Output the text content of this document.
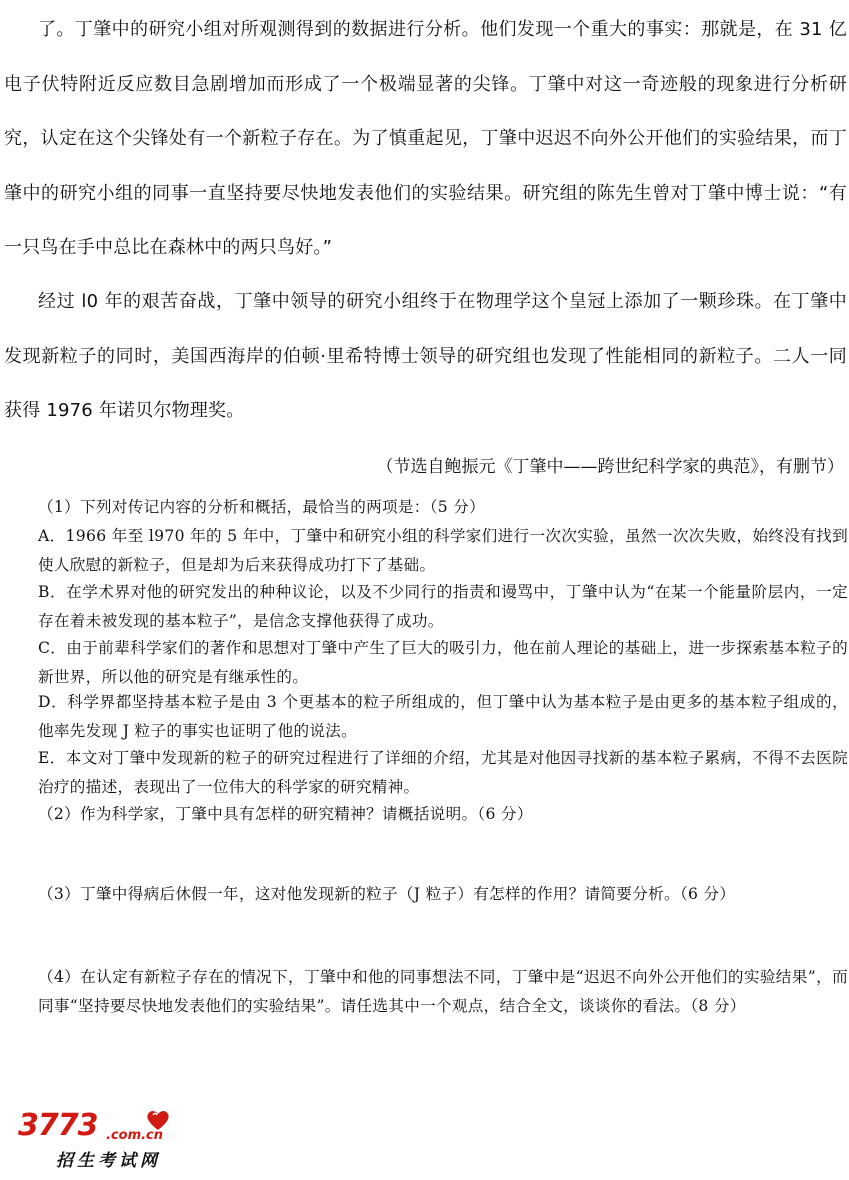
了。丁肇中的研究小组对所观测得到的数据进行分析。他们发现一个重大的事实：那就是，在 31 亿电子伏特附近反应数目急剧增加而形成了一个极端显著的尖锋。丁肇中对这一奇迹般的现象进行分析研究，认定在这个尖锋处有一个新粒子存在。为了慎重起见，丁肇中迟迟不向外公开他们的实验结果，而丁肇中的研究小组的同事一直坚持要尽快地发表他们的实验结果。研究组的陈先生曾对丁肇中博士说：“有一只鸟在手中总比在森林中的两只鸟好。”
经过 l0 年的艰苦奋战，丁肇中领导的研究小组终于在物理学这个皇冠上添加了一颗珍珠。在丁肇中发现新粒子的同时，美国西海岸的伯顿·里希特博士领导的研究组也发现了性能相同的新粒子。二人一同获得 1976 年诺贝尔物理奖。
（节选自鲍振元《丁肇中——跨世纪科学家的典范》，有删节）
（1）下列对传记内容的分析和概括，最恰当的两项是：（5 分）
A．1966 年至 l970 年的 5 年中，丁肇中和研究小组的科学家们进行一次次实验，虽然一次次失败，始终没有找到使人欣慰的新粒子，但是却为后来获得成功打下了基础。
B．在学术界对他的研究发出的种种议论，以及不少同行的指责和谩骂中，丁肇中认为“在某一个能量阶层内，一定存在着未被发现的基本粒子”，是信念支撑他获得了成功。
C．由于前辈科学家们的著作和思想对丁肇中产生了巨大的吸引力，他在前人理论的基础上，进一步探索基本粒子的新世界，所以他的研究是有继承性的。
D．科学界都坚持基本粒子是由 3 个更基本的粒子所组成的，但丁肇中认为基本粒子是由更多的基本粒子组成的，他率先发现 J 粒子的事实也证明了他的说法。
E．本文对丁肇中发现新的粒子的研究过程进行了详细的介绍，尤其是对他因寻找新的基本粒子累病，不得不去医院治疗的描述，表现出了一位伟大的科学家的研究精神。
（2）作为科学家，丁肇中具有怎样的研究精神？请概括说明。（6 分）
（3）丁肇中得病后休假一年，这对他发现新的粒子（J 粒子）有怎样的作用？请简要分析。（6 分）
（4）在认定有新粒子存在的情况下，丁肇中和他的同事想法不同，丁肇中是“迟迟不向外公开他们的实验结果”，而同事“坚持要尽快地发表他们的实验结果”。请任选其中一个观点，结合全文，谈谈你的看法。（8 分）
3773 .com.cn
招生考试网
